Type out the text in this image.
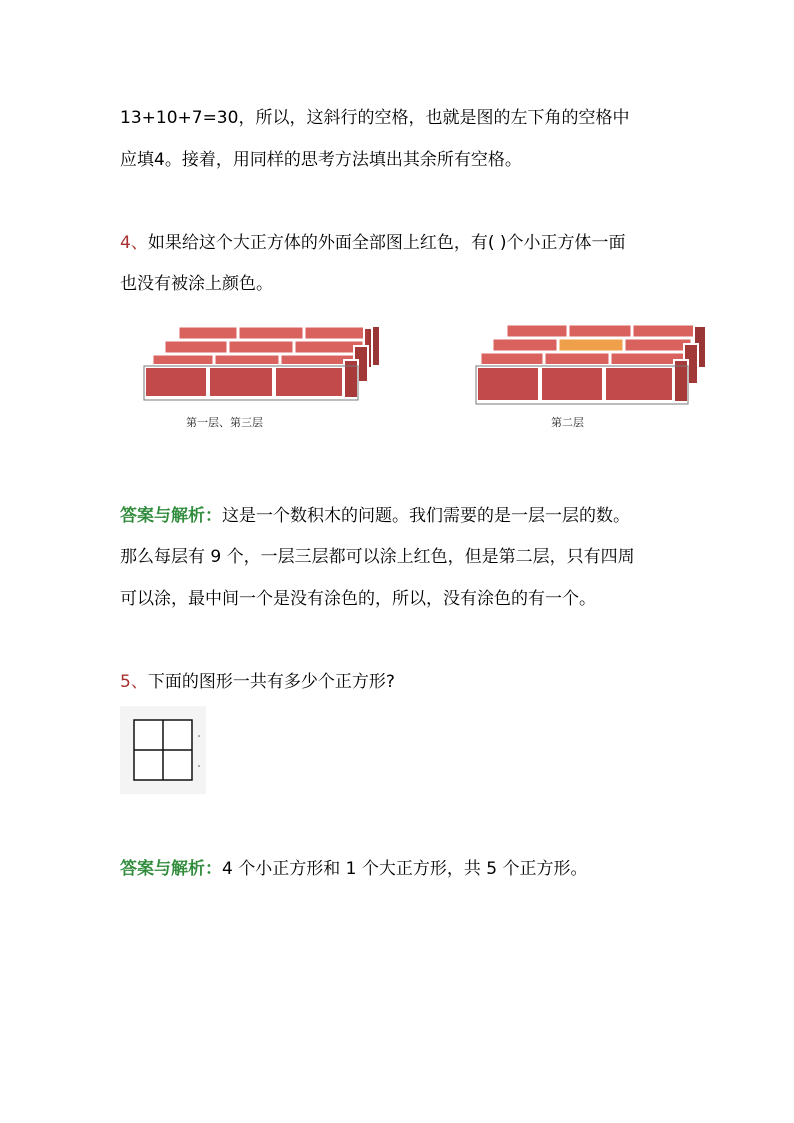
13+10+7=30，所以，这斜行的空格，也就是图的左下角的空格中
应填4。接着，用同样的思考方法填出其余所有空格。
4、如果给这个大正方体的外面全部图上红色，有( )个小正方体一面
也没有被涂上颜色。
第一层、第三层	第二层
答案与解析：这是一个数积木的问题。我们需要的是一层一层的数。
那么每层有 9 个，一层三层都可以涂上红色，但是第二层，只有四周
可以涂，最中间一个是没有涂色的，所以，没有涂色的有一个。
5、下面的图形一共有多少个正方形?
答案与解析：4 个小正方形和 1 个大正方形，共 5 个正方形。
